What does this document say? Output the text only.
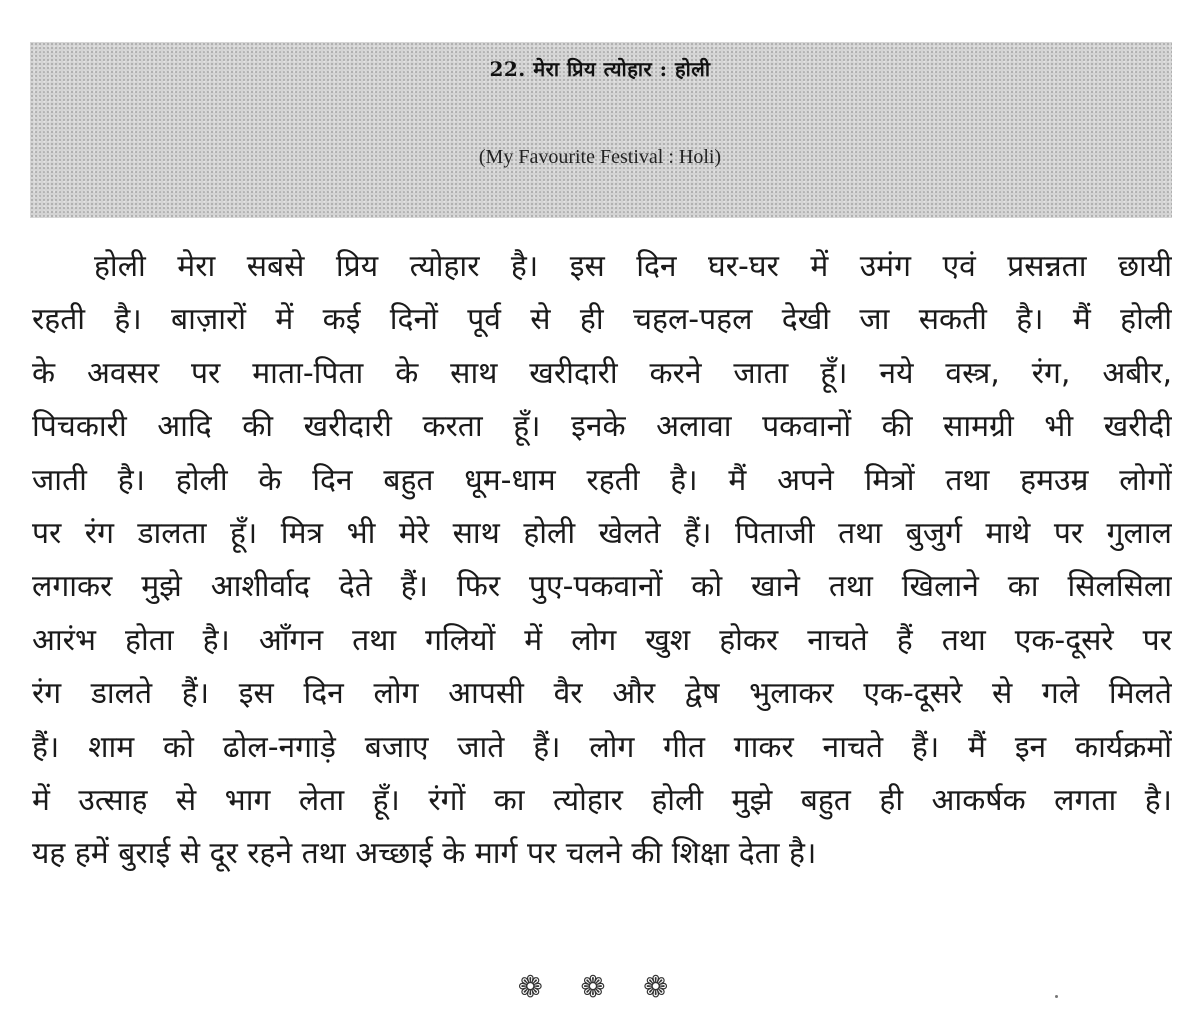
22. मेरा प्रिय त्योहार : होली
(My Favourite Festival : Holi)
होली मेरा सबसे प्रिय त्योहार है। इस दिन घर-घर में उमंग एवं प्रसन्नता छायी
रहती है। बाज़ारों में कई दिनों पूर्व से ही चहल-पहल देखी जा सकती है। मैं होली
के अवसर पर माता-पिता के साथ खरीदारी करने जाता हूँ। नये वस्त्र, रंग, अबीर,
पिचकारी आदि की खरीदारी करता हूँ। इनके अलावा पकवानों की सामग्री भी खरीदी
जाती है। होली के दिन बहुत धूम-धाम रहती है। मैं अपने मित्रों तथा हमउम्र लोगों
पर रंग डालता हूँ। मित्र भी मेरे साथ होली खेलते हैं। पिताजी तथा बुजुर्ग माथे पर गुलाल
लगाकर मुझे आशीर्वाद देते हैं। फिर पुए-पकवानों को खाने तथा खिलाने का सिलसिला
आरंभ होता है। आँगन तथा गलियों में लोग खुश होकर नाचते हैं तथा एक-दूसरे पर
रंग डालते हैं। इस दिन लोग आपसी वैर और द्वेष भुलाकर एक-दूसरे से गले मिलते
हैं। शाम को ढोल-नगाड़े बजाए जाते हैं। लोग गीत गाकर नाचते हैं। मैं इन कार्यक्रमों
में उत्साह से भाग लेता हूँ। रंगों का त्योहार होली मुझे बहुत ही आकर्षक लगता है।
यह हमें बुराई से दूर रहने तथा अच्छाई के मार्ग पर चलने की शिक्षा देता है।
❁ ❁ ❁
